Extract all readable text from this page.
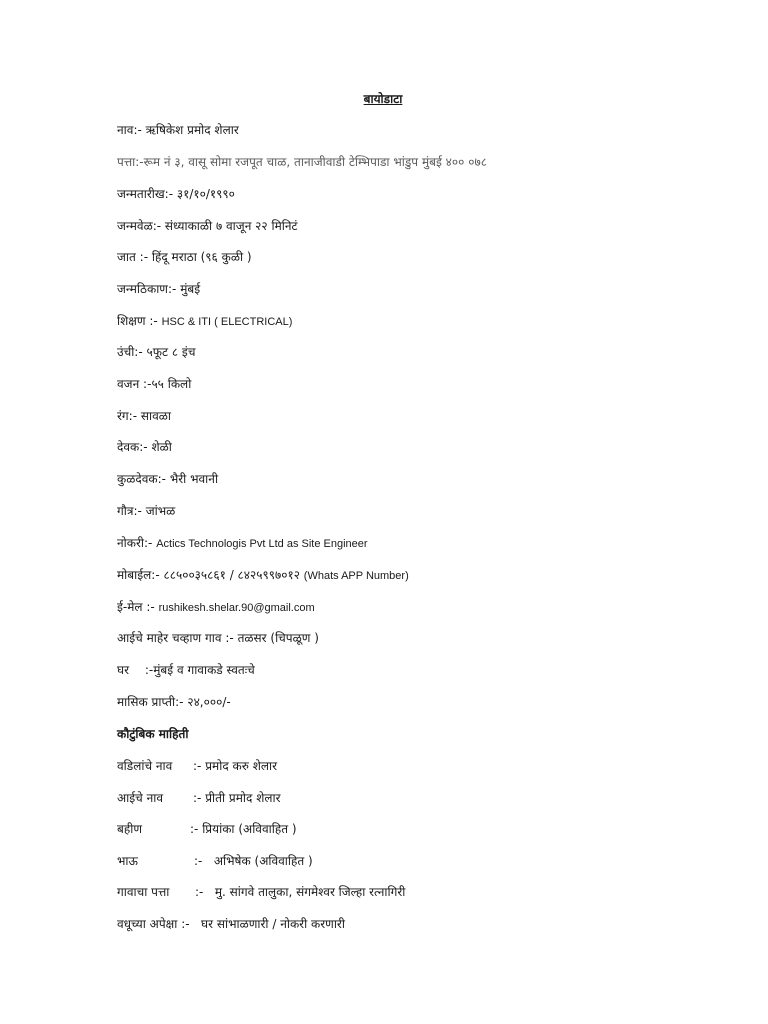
बायोडाटा
नाव:- ऋषिकेश प्रमोद शेलार
पत्ता:-रूम नं ३, वासू सोमा रजपूत चाळ, तानाजीवाडी टेम्भिपाडा भांडुप मुंबई ४०० ०७८
जन्मतारीख:- ३१/१०/१९९०
जन्मवेळ:- संध्याकाळी ७ वाजून २२ मिनिटं
जात :- हिंदू मराठा (९६ कुळी )
जन्मठिकाण:- मुंबई
शिक्षण :- HSC & ITI ( ELECTRICAL)
उंची:- ५फूट ८ इंच
वजन :-५५ किलो
रंग:- सावळा
देवक:- शेळी
कुळदेवक:- भैरी भवानी
गौत्र:- जांभळ
नोकरी:- Actics Technologis Pvt Ltd as Site Engineer
मोबाईल:- ८८५००३५८६१ / ८४२५९९७०१२ (Whats APP Number)
ई-मेल :- rushikesh.shelar.90@gmail.com
आईचे माहेर चव्हाण गाव :- तळसर (चिपळूण )
घर :-मुंबई व गावाकडे स्वतःचे
मासिक प्राप्ती:- २४,०००/-
कौटुंबिक माहिती
वडिलांचे नाव :- प्रमोद करु शेलार
आईचे नाव :- प्रीती प्रमोद शेलार
बहीण	:- प्रियांका (अविवाहित )
भाऊ	:- अभिषेक (अविवाहित )
गावाचा पत्ता :- मु. सांगवे तालुका, संगमेश्वर जिल्हा रत्नागिरी
वधूच्या अपेक्षा :- घर सांभाळणारी / नोकरी करणारी
